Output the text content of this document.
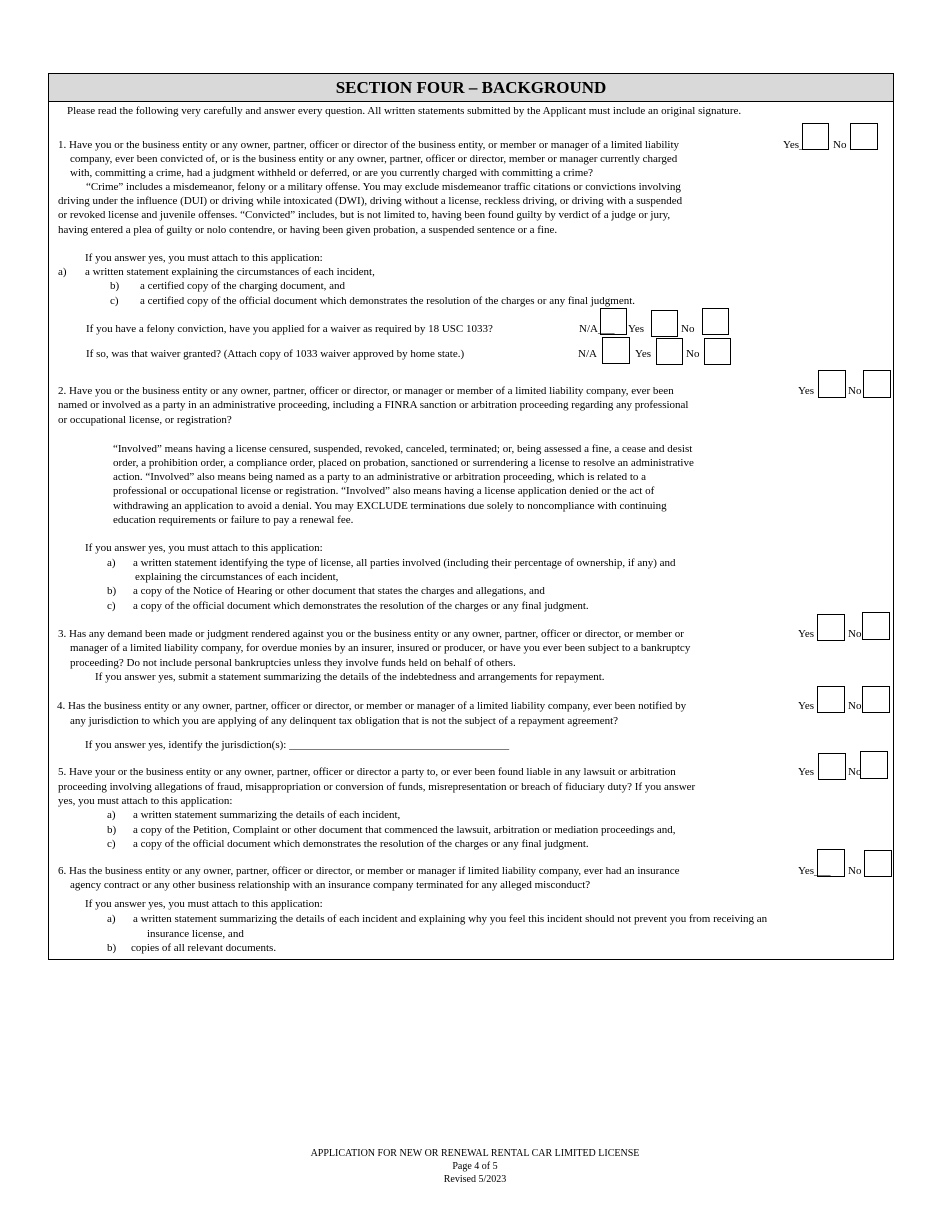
SECTION FOUR – BACKGROUND
Please read the following very carefully and answer every question. All written statements submitted by the Applicant must include an original signature.
1. Have you or the business entity or any owner, partner, officer or director of the business entity, or member or manager of a limited liability
company, ever been convicted of, or is the business entity or any owner, partner, officer or director, member or manager currently charged
with, committing a crime, had a judgment withheld or deferred, or are you currently charged with committing a crime?
“Crime” includes a misdemeanor, felony or a military offense. You may exclude misdemeanor traffic citations or convictions involving
driving under the influence (DUI) or driving while intoxicated (DWI), driving without a license, reckless driving, or driving with a suspended
or revoked license and juvenile offenses. “Convicted” includes, but is not limited to, having been found guilty by verdict of a judge or jury,
having entered a plea of guilty or nolo contendre, or having been given probation, a suspended sentence or a fine.
Yes___ No
If you answer yes, you must attach to this application:
a) a written statement explaining the circumstances of each incident,
b) a certified copy of the charging document, and
c) a certified copy of the official document which demonstrates the resolution of the charges or any final judgment.
If you have a felony conviction, have you applied for a waiver as required by 18 USC 1033?	N/A___ Yes	No
If so, was that waiver granted? (Attach copy of 1033 waiver approved by home state.)	N/A	Yes	No
2. Have you or the business entity or any owner, partner, officer or director, or manager or member of a limited liability company, ever been
named or involved as a party in an administrative proceeding, including a FINRA sanction or arbitration proceeding regarding any professional
or occupational license, or registration?
Yes	No
“Involved” means having a license censured, suspended, revoked, canceled, terminated; or, being assessed a fine, a cease and desist
order, a prohibition order, a compliance order, placed on probation, sanctioned or surrendering a license to resolve an administrative
action. “Involved” also means being named as a party to an administrative or arbitration proceeding, which is related to a
professional or occupational license or registration. “Involved” also means having a license application denied or the act of
withdrawing an application to avoid a denial. You may EXCLUDE terminations due solely to noncompliance with continuing
education requirements or failure to pay a renewal fee.
If you answer yes, you must attach to this application:
a) a written statement identifying the type of license, all parties involved (including their percentage of ownership, if any) and
explaining the circumstances of each incident,
b) a copy of the Notice of Hearing or other document that states the charges and allegations, and
c) a copy of the official document which demonstrates the resolution of the charges or any final judgment.
3. Has any demand been made or judgment rendered against you or the business entity or any owner, partner, officer or director, or member or
manager of a limited liability company, for overdue monies by an insurer, insured or producer, or have you ever been subject to a bankruptcy
proceeding? Do not include personal bankruptcies unless they involve funds held on behalf of others.
If you answer yes, submit a statement summarizing the details of the indebtedness and arrangements for repayment.
Yes	No
4. Has the business entity or any owner, partner, officer or director, or member or manager of a limited liability company, ever been notified by
any jurisdiction to which you are applying of any delinquent tax obligation that is not the subject of a repayment agreement?
Yes	No
If you answer yes, identify the jurisdiction(s): ________________________________________
5. Have your or the business entity or any owner, partner, officer or director a party to, or ever been found liable in any lawsuit or arbitration
proceeding involving allegations of fraud, misappropriation or conversion of funds, misrepresentation or breach of fiduciary duty? If you answer
yes, you must attach to this application:
Yes	No
a) a written statement summarizing the details of each incident,
b) a copy of the Petition, Complaint or other document that commenced the lawsuit, arbitration or mediation proceedings and,
c) a copy of the official document which demonstrates the resolution of the charges or any final judgment.
6. Has the business entity or any owner, partner, officer or director, or member or manager if limited liability company, ever had an insurance
agency contract or any other business relationship with an insurance company terminated for any alleged misconduct?
Yes___ No
If you answer yes, you must attach to this application:
a) a written statement summarizing the details of each incident and explaining why you feel this incident should not prevent you from receiving an
insurance license, and
b) copies of all relevant documents.
APPLICATION FOR NEW OR RENEWAL RENTAL CAR LIMITED LICENSE
Page 4 of 5
Revised 5/2023
